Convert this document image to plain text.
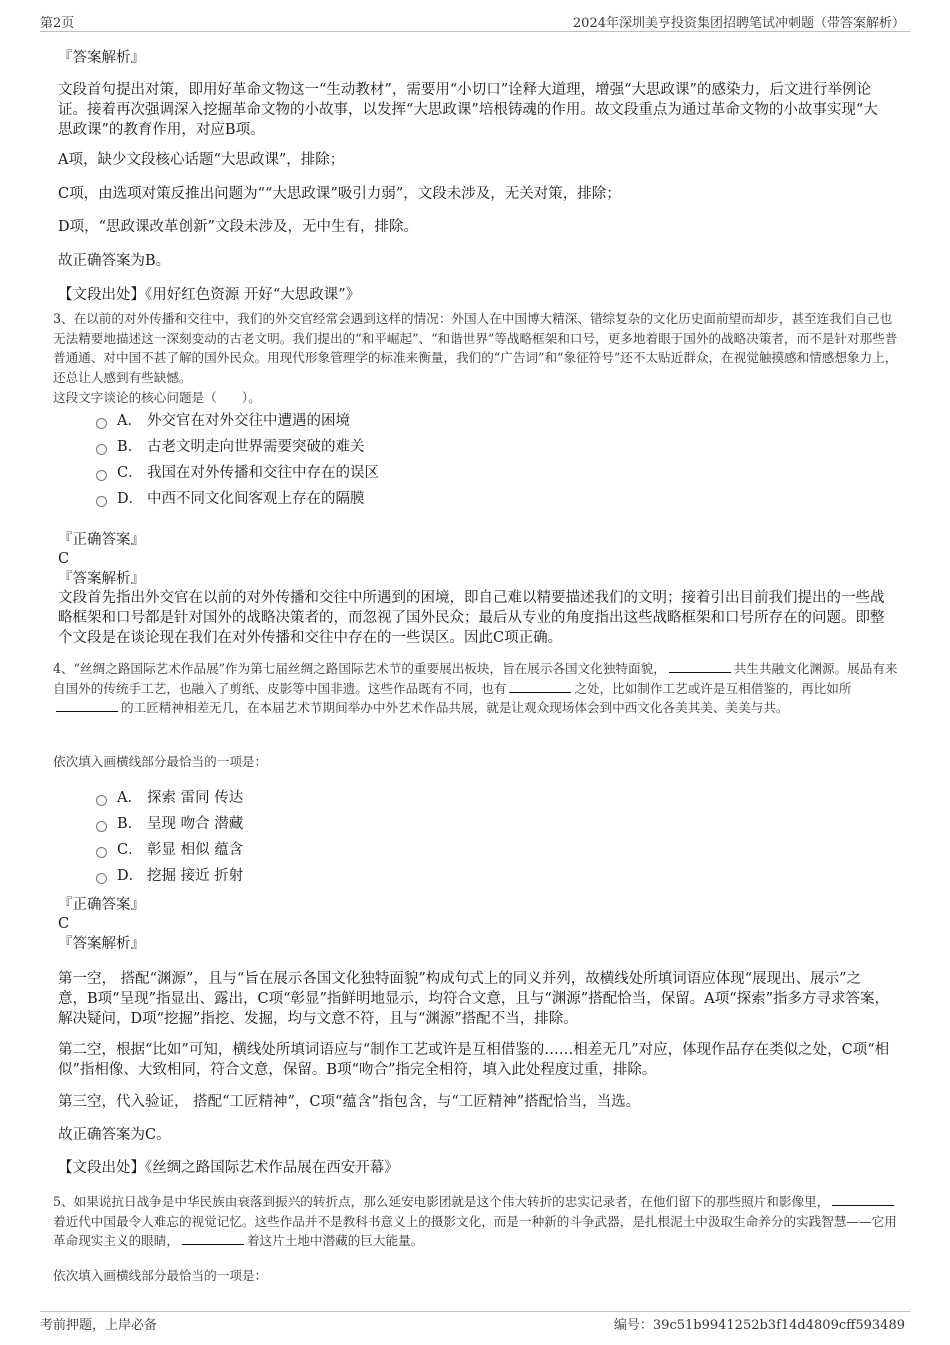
第2页	2024年深圳美亨投资集团招聘笔试冲刺题（带答案解析）
『答案解析』
文段首句提出对策，即用好革命文物这一“生动教材”，需要用“小切口”诠释大道理，增强“大思政课”的感染力，后文进行举例论证。接着再次强调深入挖掘革命文物的小故事，以发挥“大思政课”培根铸魂的作用。故文段重点为通过革命文物的小故事实现“大思政课”的教育作用，对应B项。
A项，缺少文段核心话题“大思政课”，排除；
C项，由选项对策反推出问题为““大思政课”吸引力弱”，文段未涉及，无关对策，排除；
D项，“思政课改革创新”文段未涉及，无中生有，排除。
故正确答案为B。
【文段出处】《用好红色资源 开好“大思政课”》
3、在以前的对外传播和交往中，我们的外交官经常会遇到这样的情况：外国人在中国博大精深、错综复杂的文化历史面前望而却步，甚至连我们自己也无法精要地描述这一深刻变动的古老文明。我们提出的“和平崛起”、“和谐世界”等战略框架和口号，更多地着眼于国外的战略决策者，而不是针对那些普普通通、对中国不甚了解的国外民众。用现代形象管理学的标准来衡量，我们的“广告词”和“象征符号”还不太贴近群众，在视觉触摸感和情感想象力上，还总让人感到有些缺憾。
这段文字谈论的核心问题是（　　）。
A． 外交官在对外交往中遭遇的困境
B． 古老文明走向世界需要突破的难关
C． 我国在对外传播和交往中存在的误区
D． 中西不同文化间客观上存在的隔膜
『正确答案』
C
『答案解析』
文段首先指出外交官在以前的对外传播和交往中所遇到的困境，即自己难以精要描述我们的文明；接着引出目前我们提出的一些战略框架和口号都是针对国外的战略决策者的，而忽视了国外民众；最后从专业的角度指出这些战略框架和口号所存在的问题。即整个文段是在谈论现在我们在对外传播和交往中存在的一些误区。因此C项正确。
4、“丝绸之路国际艺术作品展”作为第七届丝绸之路国际艺术节的重要展出板块，旨在展示各国文化独特面貌，	共生共融文化渊源。展品有来自国外的传统手工艺，也融入了剪纸、皮影等中国非遗。这些作品既有不同，也有	之处，比如制作工艺或许是互相借鉴的，再比如所的工匠精神相差无几，在本届艺术节期间举办中外艺术作品共展，就是让观众现场体会到中西文化各美其美、美美与共。
依次填入画横线部分最恰当的一项是：
A． 探索 雷同 传达
B． 呈现 吻合 潜藏
C． 彰显 相似 蕴含
D． 挖掘 接近 折射
『正确答案』
C
『答案解析』
第一空， 搭配“渊源”，且与“旨在展示各国文化独特面貌”构成句式上的同义并列，故横线处所填词语应体现“展现出、展示”之意，B项“呈现”指显出、露出，C项“彰显”指鲜明地显示，均符合文意，且与“渊源”搭配恰当，保留。A项“探索”指多方寻求答案，解决疑问，D项“挖掘”指挖、发掘，均与文意不符，且与“渊源”搭配不当，排除。
第二空，根据“比如”可知，横线处所填词语应与“制作工艺或许是互相借鉴的……相差无几”对应，体现作品存在类似之处，C项“相似”指相像、大致相同，符合文意，保留。B项“吻合”指完全相符，填入此处程度过重，排除。
第三空，代入验证， 搭配“工匠精神”，C项“蕴含”指包含，与“工匠精神”搭配恰当，当选。
故正确答案为C。
【文段出处】《丝绸之路国际艺术作品展在西安开幕》
5、如果说抗日战争是中华民族由衰落到振兴的转折点，那么延安电影团就是这个伟大转折的忠实记录者，在他们留下的那些照片和影像里，着近代中国最令人难忘的视觉记忆。这些作品并不是教科书意义上的摄影文化，而是一种新的斗争武器，是扎根泥土中汲取生命养分的实践智慧——它用革命现实主义的眼睛，	着这片土地中潜藏的巨大能量。
依次填入画横线部分最恰当的一项是：
考前押题，上岸必备	编号：39c51b9941252b3f14d4809cff593489
